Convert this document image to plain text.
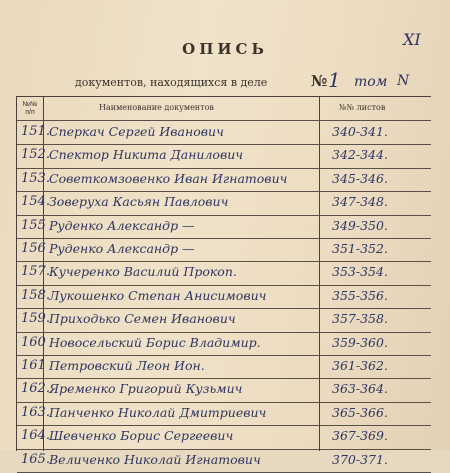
XI
ОПИСЬ
документов, находящихся в деле	№ 1 том N
№№
п/п
Наименование документов	№№ листов
151. Сперкач Сергей Иванович	340-341.
152. Спектор Никита Данилович	342-344.
153. Советкомзовенко Иван Игнатович	345-346.
154. Зоверуха Касьян Павлович	347-348.
155 Руденко Александр —	349-350.
156 Руденко Александр —	351-352.
157. Кучеренко Василий Прокоп.	353-354.
158. Лукошенко Степан Анисимович	355-356.
159. Приходько Семен Иванович	357-358.
160 Новосельский Борис Владимир.	359-360.
161 Петровский Леон Ион.	361-362.
162. Яременко Григорий Кузьмич	363-364.
163. Панченко Николай Дмитриевич	365-366.
164. Шевченко Борис Сергеевич	367-369.
165. Величенко Николай Игнатович	370-371.
